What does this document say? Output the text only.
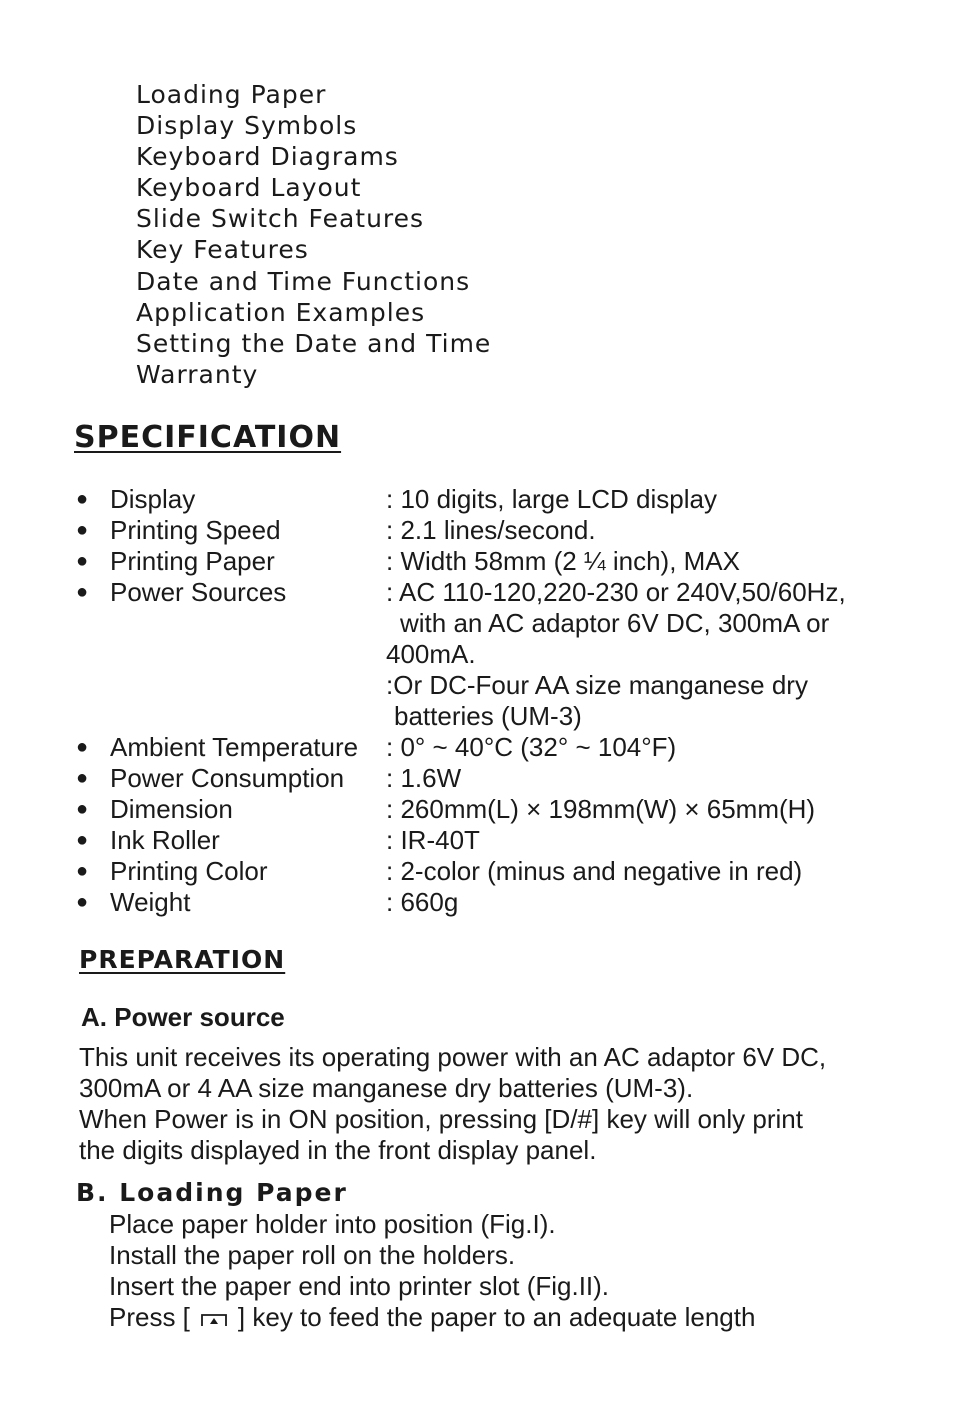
Loading Paper
Display Symbols
Keyboard Diagrams
Keyboard Layout
Slide Switch Features
Key Features
Date and Time Functions
Application Examples
Setting the Date and Time
Warranty
SPECIFICATION
● Display	: 10 digits, large LCD display
● Printing Speed	: 2.1 lines/second.
● Printing Paper	: Width 58mm (2 ¼ inch), MAX
● Power Sources	: AC 110-120,220-230 or 240V,50/60Hz,
with an AC adaptor 6V DC, 300mA or
400mA.
:Or DC-Four AA size manganese dry
batteries (UM-3)
● Ambient Temperature : 0° ~ 40°C (32° ~ 104°F)
● Power Consumption : 1.6W
● Dimension	: 260mm(L) × 198mm(W) × 65mm(H)
● Ink Roller	: IR-40T
● Printing Color	: 2-color (minus and negative in red)
● Weight	: 660g
PREPARATION
A. Power source

This unit receives its operating power with an AC adaptor 6V DC,
300mA or 4 AA size manganese dry batteries (UM-3).
When Power is in ON position, pressing [D/#] key will only print
the digits displayed in the front display panel.

B. Loading Paper
Place paper holder into position (Fig.I).
Install the paper roll on the holders.
Insert the paper end into printer slot (Fig.II).
Press [ ] key to feed the paper to an adequate length
